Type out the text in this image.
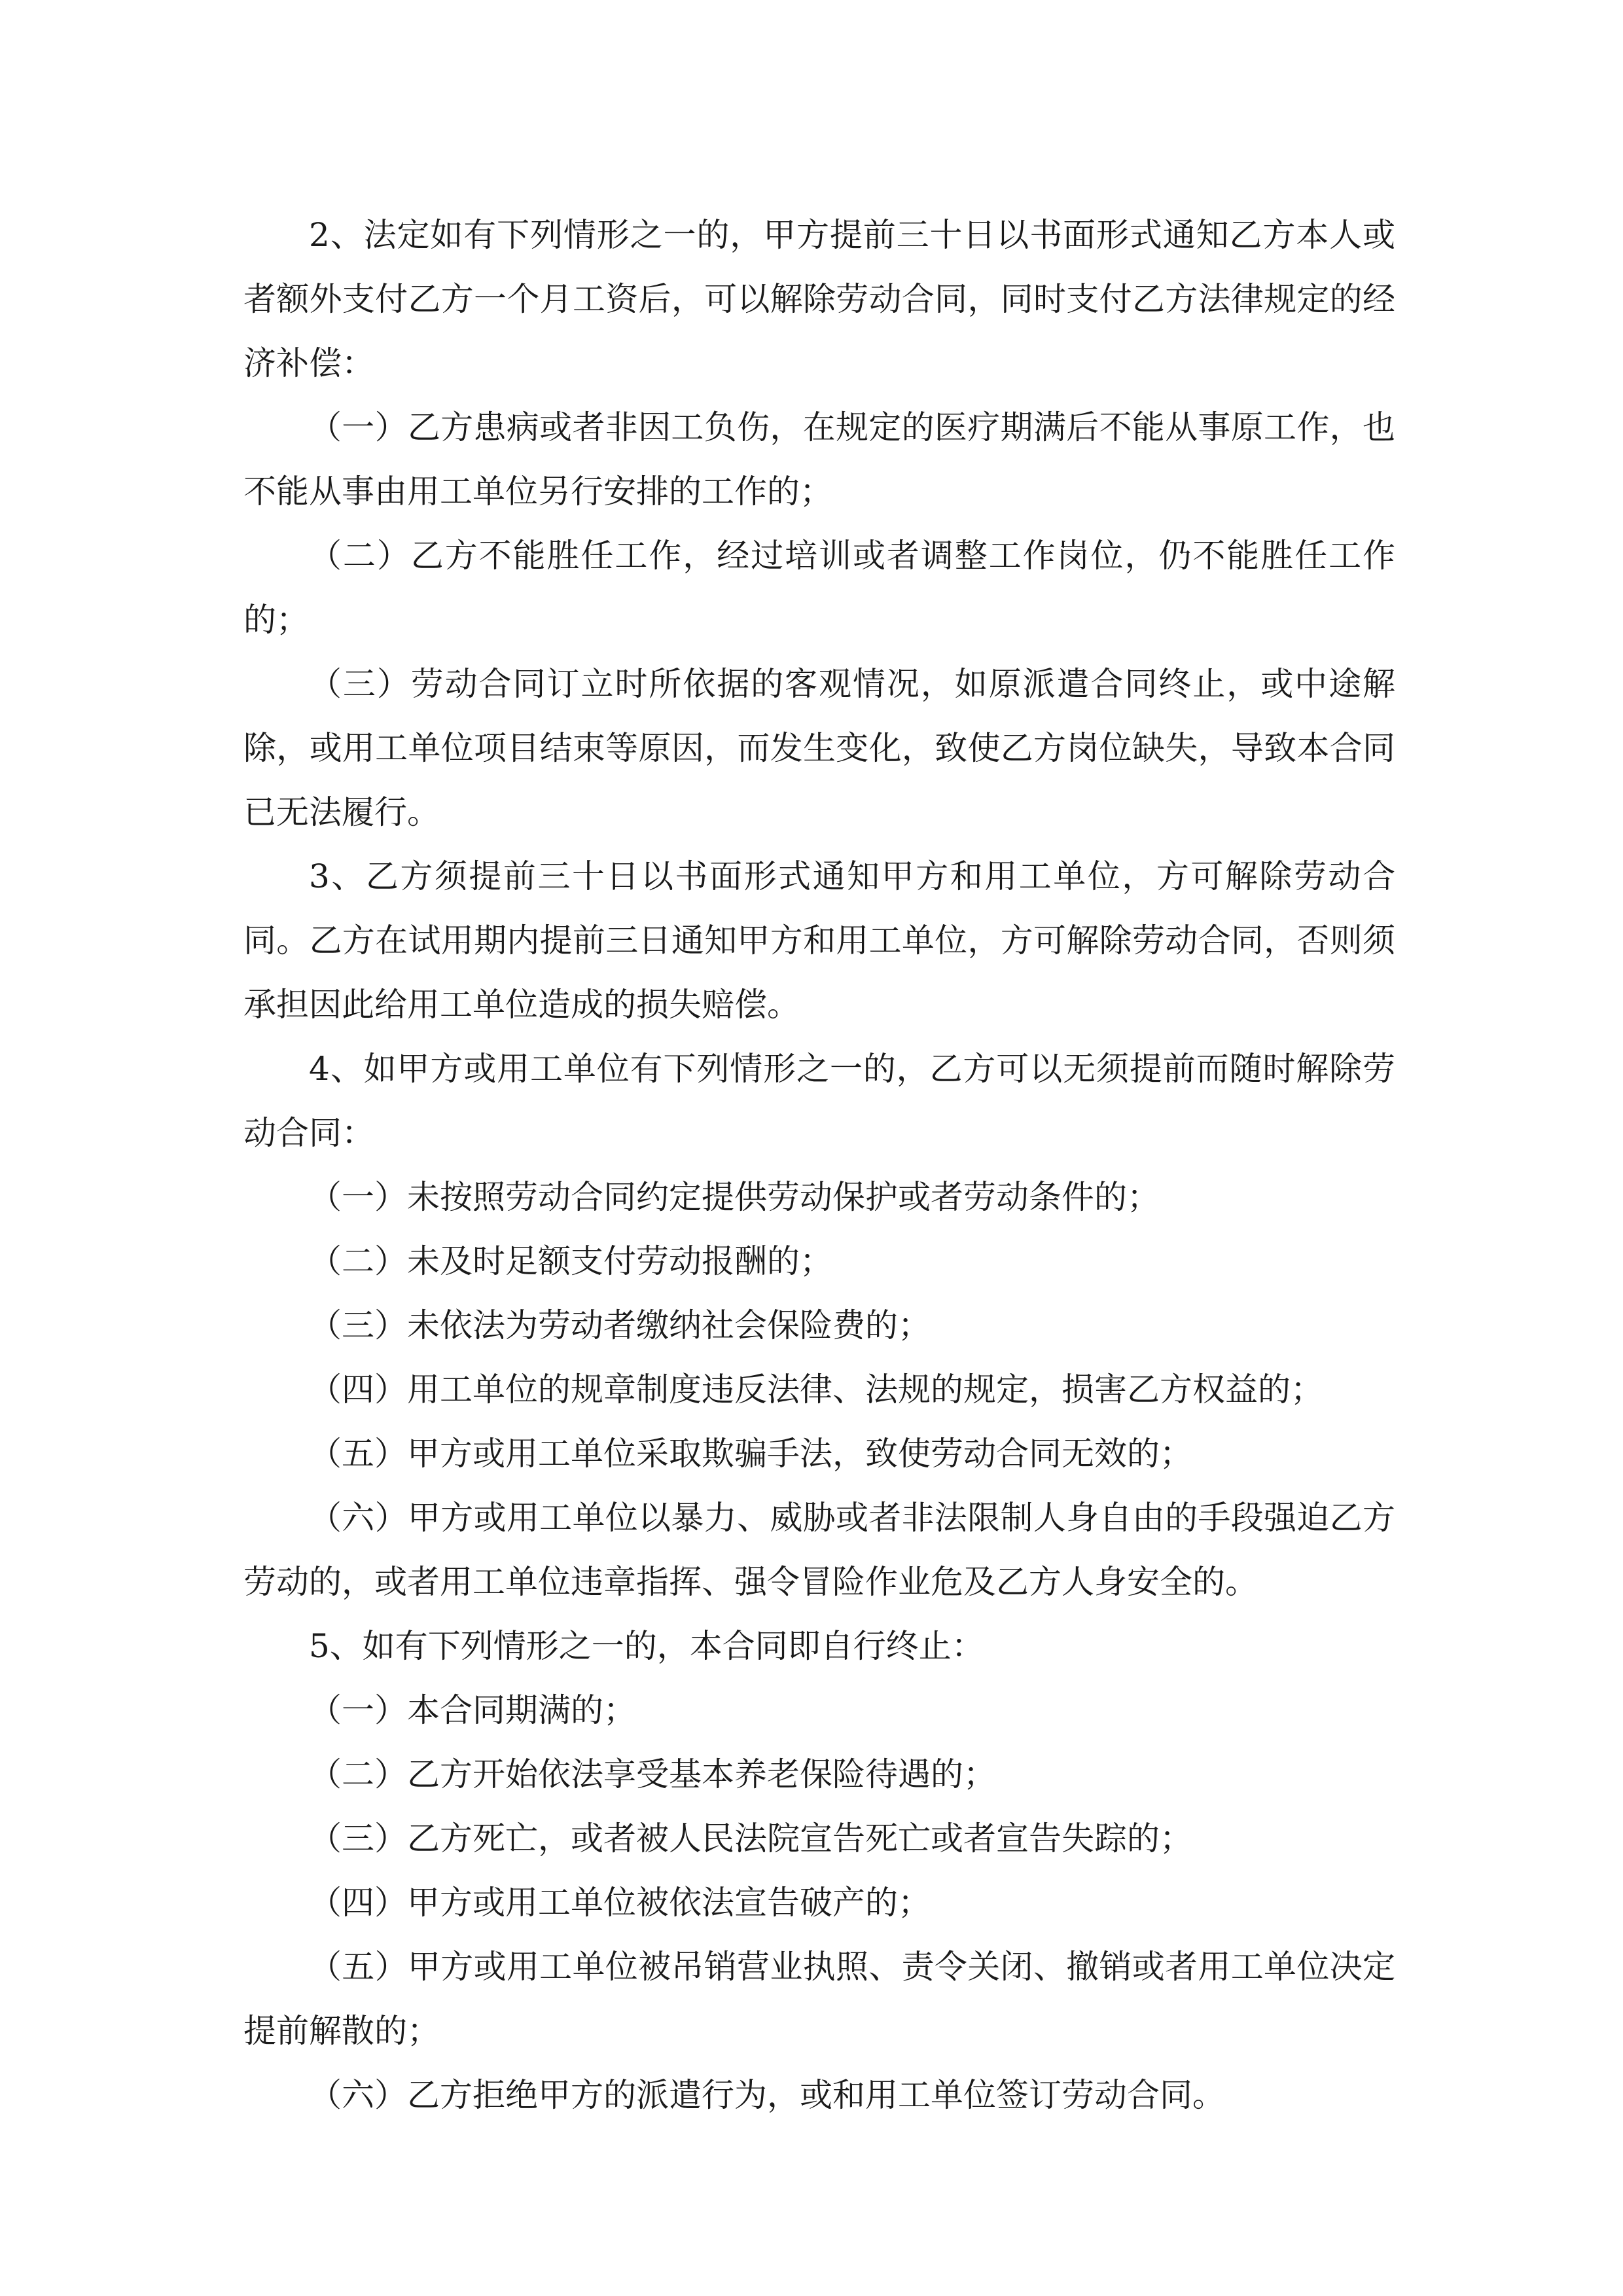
2、法定如有下列情形之一的，甲方提前三十日以书面形式通知乙方本人或者额外支付乙方一个月工资后，可以解除劳动合同，同时支付乙方法律规定的经济补偿：

（一）乙方患病或者非因工负伤，在规定的医疗期满后不能从事原工作，也不能从事由用工单位另行安排的工作的；

（二）乙方不能胜任工作，经过培训或者调整工作岗位，仍不能胜任工作的；

（三）劳动合同订立时所依据的客观情况，如原派遣合同终止，或中途解除，或用工单位项目结束等原因，而发生变化，致使乙方岗位缺失，导致本合同已无法履行。

3、乙方须提前三十日以书面形式通知甲方和用工单位，方可解除劳动合同。乙方在试用期内提前三日通知甲方和用工单位，方可解除劳动合同，否则须承担因此给用工单位造成的损失赔偿。

4、如甲方或用工单位有下列情形之一的，乙方可以无须提前而随时解除劳动合同：

（一）未按照劳动合同约定提供劳动保护或者劳动条件的；

（二）未及时足额支付劳动报酬的；

（三）未依法为劳动者缴纳社会保险费的；

（四）用工单位的规章制度违反法律、法规的规定，损害乙方权益的；

（五）甲方或用工单位采取欺骗手法，致使劳动合同无效的；

（六）甲方或用工单位以暴力、威胁或者非法限制人身自由的手段强迫乙方劳动的，或者用工单位违章指挥、强令冒险作业危及乙方人身安全的。

5、如有下列情形之一的，本合同即自行终止：

（一）本合同期满的；

（二）乙方开始依法享受基本养老保险待遇的；

（三）乙方死亡，或者被人民法院宣告死亡或者宣告失踪的；

（四）甲方或用工单位被依法宣告破产的；

（五）甲方或用工单位被吊销营业执照、责令关闭、撤销或者用工单位决定提前解散的；

（六）乙方拒绝甲方的派遣行为，或和用工单位签订劳动合同。
